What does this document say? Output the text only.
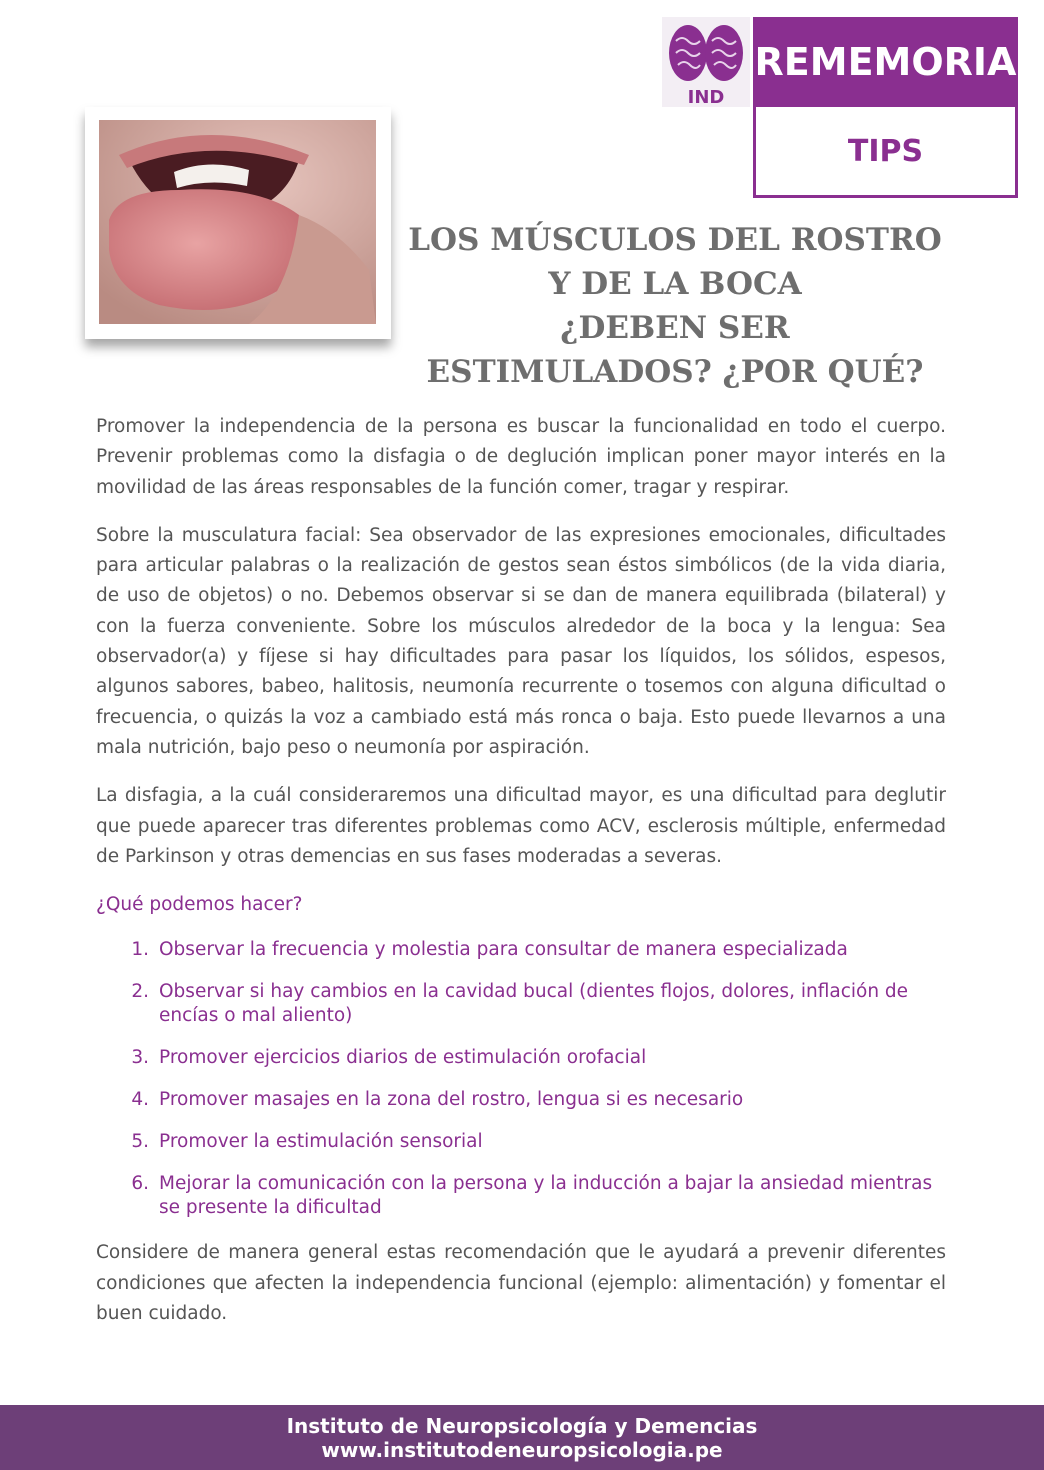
IND
REMEMORIA
TIPS
LOS MÚSCULOS DEL ROSTRO
Y DE LA BOCA
¿DEBEN SER
ESTIMULADOS? ¿POR QUÉ?

Promover la independencia de la persona es buscar la funcionalidad en todo el cuerpo. Prevenir problemas como la disfagia o de deglución implican poner mayor interés en la movilidad de las áreas responsables de la función comer, tragar y respirar.

Sobre la musculatura facial: Sea observador de las expresiones emocionales, dificultades para articular palabras o la realización de gestos sean éstos simbólicos (de la vida diaria, de uso de objetos) o no. Debemos observar si se dan de manera equilibrada (bilateral) y con la fuerza conveniente. Sobre los músculos alrededor de la boca y la lengua: Sea observador(a) y fíjese si hay dificultades para pasar los líquidos, los sólidos, espesos, algunos sabores, babeo, halitosis, neumonía recurrente o tosemos con alguna dificultad o frecuencia, o quizás la voz a cambiado está más ronca o baja. Esto puede llevarnos a una mala nutrición, bajo peso o neumonía por aspiración.

La disfagia, a la cuál consideraremos una dificultad mayor, es una dificultad para deglutir que puede aparecer tras diferentes problemas como ACV, esclerosis múltiple, enfermedad de Parkinson y otras demencias en sus fases moderadas a severas.

¿Qué podemos hacer?

Observar la frecuencia y molestia para consultar de manera especializada
Observar si hay cambios en la cavidad bucal (dientes flojos, dolores, inflación de encías o mal aliento)
Promover ejercicios diarios de estimulación orofacial
Promover masajes en la zona del rostro, lengua si es necesario
Promover la estimulación sensorial
Mejorar la comunicación con la persona y la inducción a bajar la ansiedad mientras se presente la dificultad

Considere de manera general estas recomendación que le ayudará a prevenir diferentes condiciones que afecten la independencia funcional (ejemplo: alimentación) y fomentar el buen cuidado.

Instituto de Neuropsicología y Demencias
www.institutodeneuropsicologia.pe
